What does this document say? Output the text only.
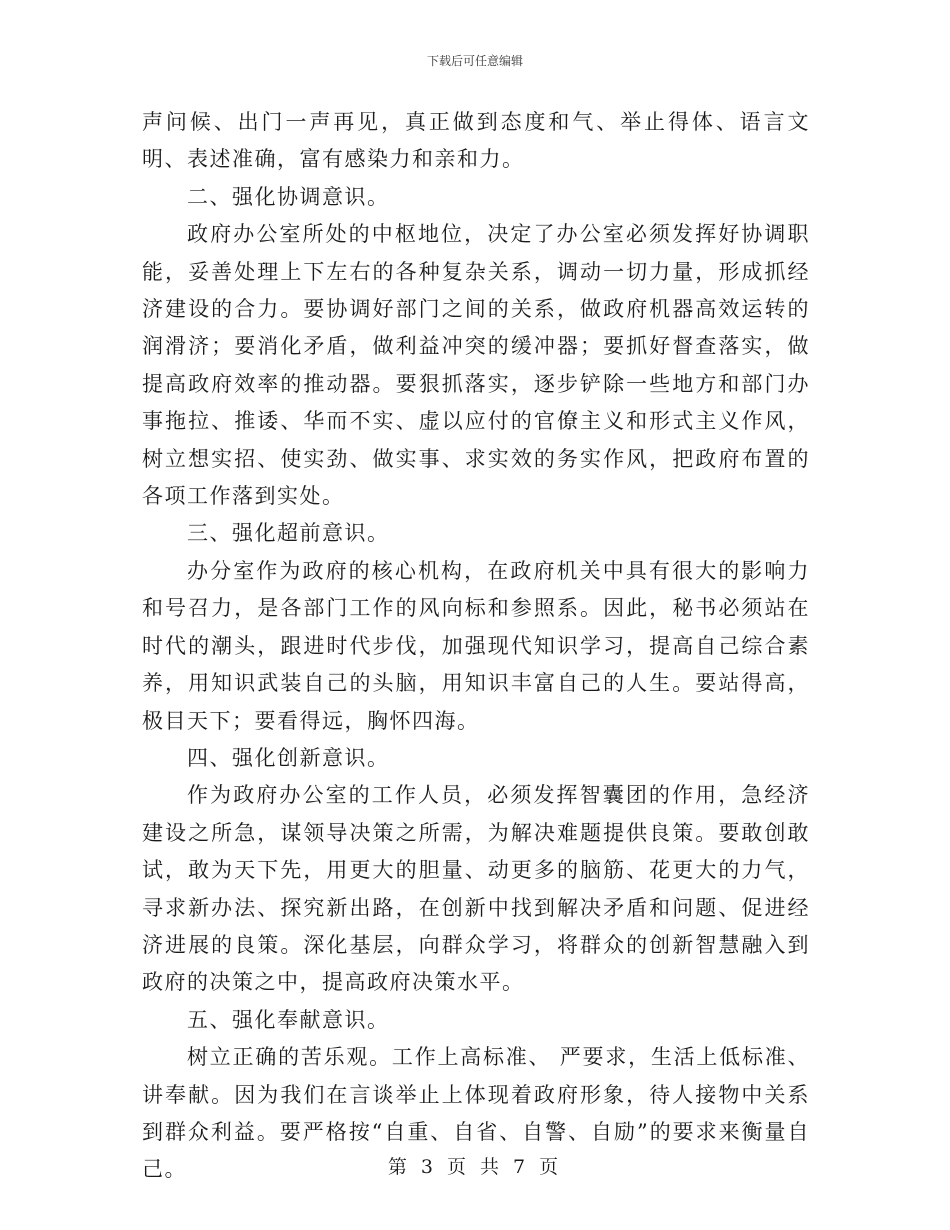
下载后可任意编辑

声问候、出门一声再见，真正做到态度和气、举止得体、语言文明、表述准确，富有感染力和亲和力。

二、强化协调意识。

政府办公室所处的中枢地位，决定了办公室必须发挥好协调职能，妥善处理上下左右的各种复杂关系，调动一切力量，形成抓经济建设的合力。要协调好部门之间的关系，做政府机器高效运转的润滑济；要消化矛盾，做利益冲突的缓冲器；要抓好督查落实，做提高政府效率的推动器。要狠抓落实，逐步铲除一些地方和部门办事拖拉、推诿、华而不实、虚以应付的官僚主义和形式主义作风，树立想实招、使实劲、做实事、求实效的务实作风，把政府布置的各项工作落到实处。

三、强化超前意识。

办分室作为政府的核心机构，在政府机关中具有很大的影响力和号召力，是各部门工作的风向标和参照系。因此，秘书必须站在时代的潮头，跟进时代步伐，加强现代知识学习，提高自己综合素养，用知识武装自己的头脑，用知识丰富自己的人生。要站得高，极目天下；要看得远，胸怀四海。

四、强化创新意识。

作为政府办公室的工作人员，必须发挥智囊团的作用，急经济建设之所急，谋领导决策之所需，为解决难题提供良策。要敢创敢试，敢为天下先，用更大的胆量、动更多的脑筋、花更大的力气，寻求新办法、探究新出路，在创新中找到解决矛盾和问题、促进经济进展的良策。深化基层，向群众学习，将群众的创新智慧融入到政府的决策之中，提高政府决策水平。

五、强化奉献意识。

树立正确的苦乐观。工作上高标准、 严要求，生活上低标准、讲奉献。因为我们在言谈举止上体现着政府形象，待人接物中关系到群众利益。要严格按“自重、自省、自警、自励”的要求来衡量自己。	第 3 页 共 7 页
